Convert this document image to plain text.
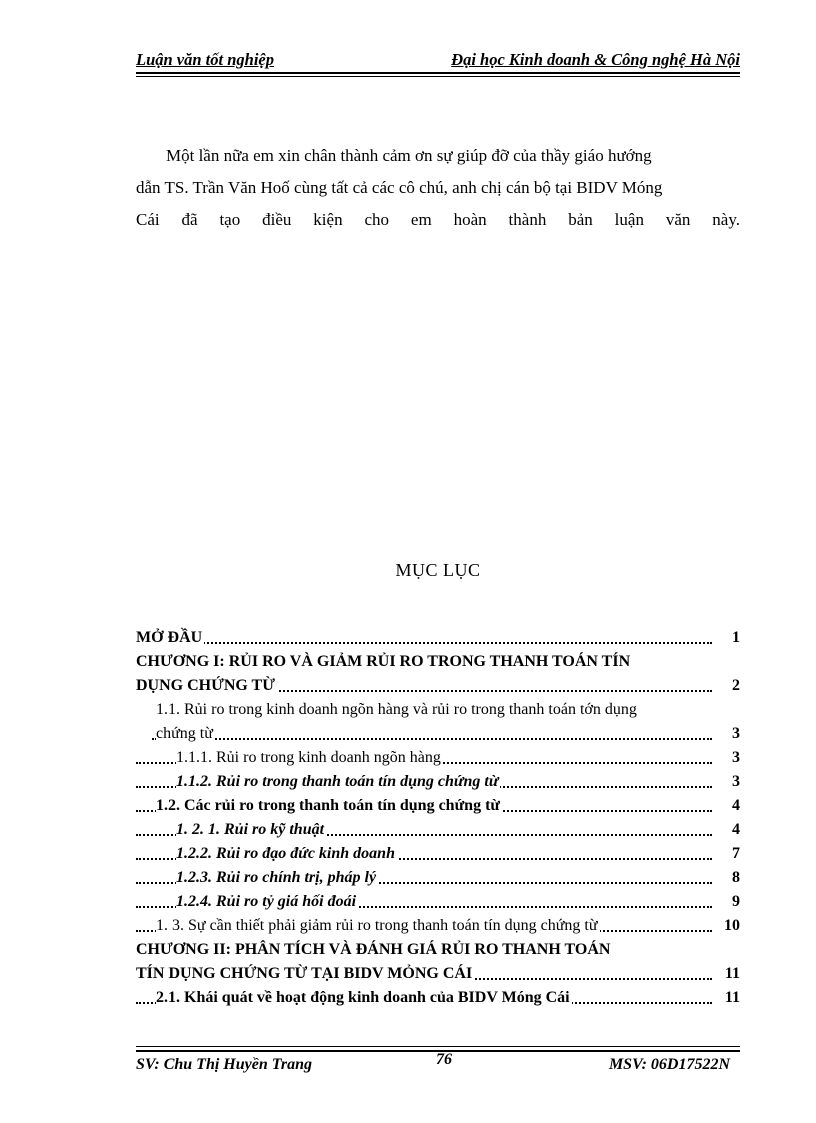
Luận văn tốt nghiệp	Đại học Kinh doanh & Công nghệ Hà Nội

Một lần nữa em xin chân thành cảm ơn sự giúp đỡ của thầy giáo hướng

dẫn TS. Trần Văn Hoố cùng tất cả các cô chú, anh chị cán bộ tại BIDV Móng

Cái đã tạo điều kiện cho em hoàn thành bản luận văn này.

MỤC LỤC
MỞ ĐẦU	1
CHƯƠNG I: RỦI RO VÀ GIẢM RỦI RO TRONG THANH TOÁN TÍN
DỤNG CHỨNG TỪ	2
1.1. Rủi ro trong kinh doanh ngõn hàng và rủi ro trong thanh toán tớn dụng
chứng từ	3
1.1.1. Rủi ro trong kinh doanh ngõn hàng	3
1.1.2. Rủi ro trong thanh toán tín dụng chứng từ	3
1.2. Các rủi ro trong thanh toán tín dụng chứng từ	4
1. 2. 1. Rủi ro kỹ thuật	4
1.2.2. Rủi ro đạo đức kinh doanh	7
1.2.3. Rủi ro chính trị, pháp lý	8
1.2.4. Rủi ro tỷ giá hối đoái	9
1. 3. Sự cần thiết phải giảm rủi ro trong thanh toán tín dụng chứng từ	10
CHƯƠNG II: PHÂN TÍCH VÀ ĐÁNH GIÁ RỦI RO THANH TOÁN
TÍN DỤNG CHỨNG TỪ TẠI BIDV MỎNG CÁI	11
2.1. Khái quát về hoạt động kinh doanh của BIDV Móng Cái	11
SV: Chu Thị Huyền Trang	76	MSV: 06D17522N
